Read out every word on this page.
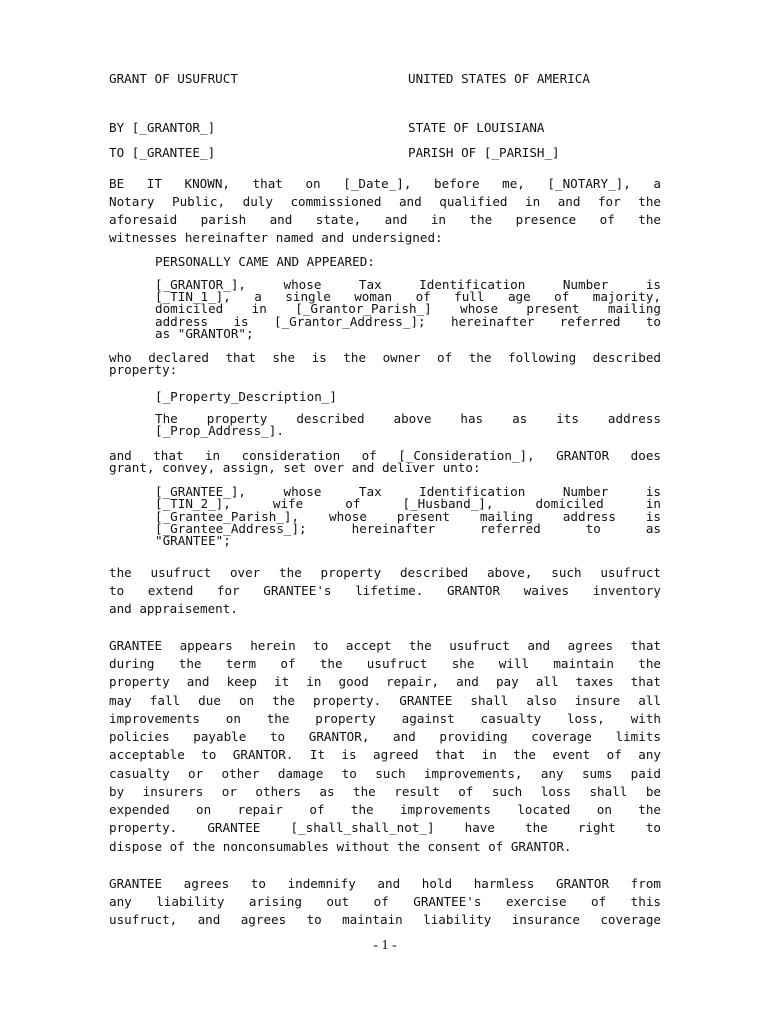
GRANT OF USUFRUCT	UNITED STATES OF AMERICA
BY [_GRANTOR_]	STATE OF LOUISIANA
TO [_GRANTEE_]	PARISH OF [_PARISH_]
BE IT KNOWN, that on [_Date_], before me, [_NOTARY_], a
Notary Public, duly commissioned and qualified in and for the
aforesaid parish and state, and in the presence of the
witnesses hereinafter named and undersigned:
PERSONALLY CAME AND APPEARED:
[_GRANTOR_], whose Tax Identification Number is
[_TIN_1_], a single woman of full age of majority,
domiciled in [_Grantor_Parish_] whose present mailing
address is [_Grantor_Address_]; hereinafter referred to
as "GRANTOR";
who declared that she is the owner of the following described
property:
[_Property_Description_]
The property described above has as its address
[_Prop_Address_].
and that in consideration of [_Consideration_], GRANTOR does
grant, convey, assign, set over and deliver unto:
[_GRANTEE_], whose Tax Identification Number is
[_TIN_2_], wife of [_Husband_], domiciled in
[_Grantee_Parish_], whose present mailing address is
[_Grantee_Address_]; hereinafter referred to as
"GRANTEE";
the usufruct over the property described above, such usufruct
to extend for GRANTEE's lifetime. GRANTOR waives inventory
and appraisement.
GRANTEE appears herein to accept the usufruct and agrees that
during the term of the usufruct she will maintain the
property and keep it in good repair, and pay all taxes that
may fall due on the property. GRANTEE shall also insure all
improvements on the property against casualty loss, with
policies payable to GRANTOR, and providing coverage limits
acceptable to GRANTOR. It is agreed that in the event of any
casualty or other damage to such improvements, any sums paid
by insurers or others as the result of such loss shall be
expended on repair of the improvements located on the
property. GRANTEE [_shall_shall_not_] have the right to
dispose of the nonconsumables without the consent of GRANTOR.
GRANTEE agrees to indemnify and hold harmless GRANTOR from
any liability arising out of GRANTEE's exercise of this
usufruct, and agrees to maintain liability insurance coverage
- 1 -
